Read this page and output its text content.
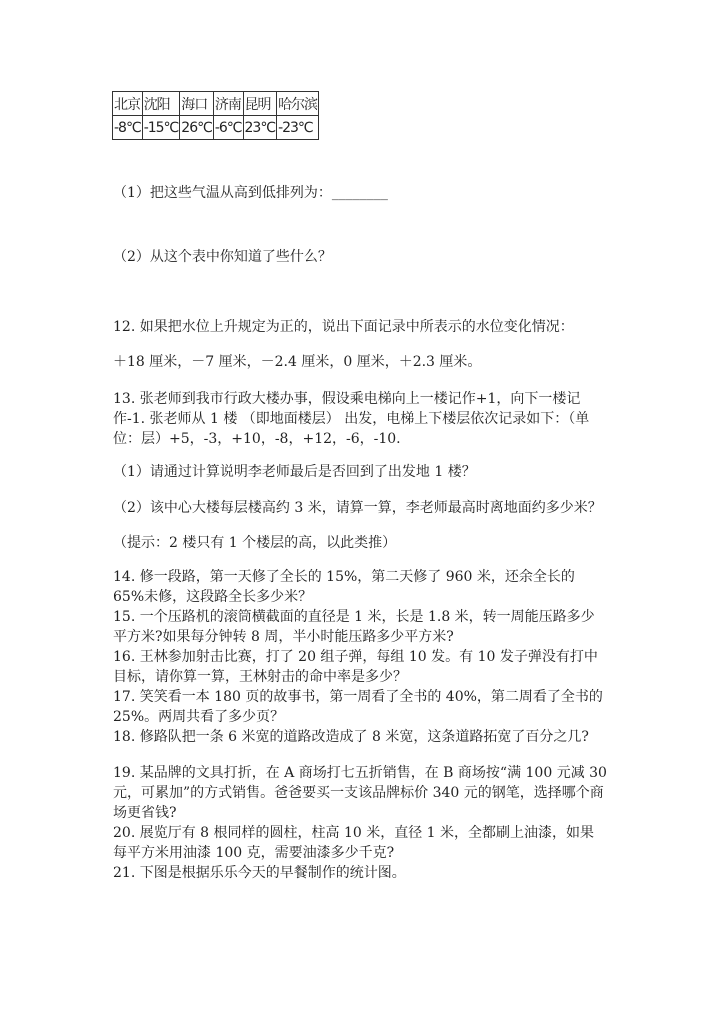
北京	沈阳	海口	济南	昆明	哈尔滨
-8℃	-15℃	26℃	-6℃	23℃	-23℃
（1）把这些气温从高到低排列为：________
（2）从这个表中你知道了些什么？
12. 如果把水位上升规定为正的，说出下面记录中所表示的水位变化情况：
＋18 厘米，－7 厘米，－2.4 厘米，0 厘米，＋2.3 厘米。
13. 张老师到我市行政大楼办事，假设乘电梯向上一楼记作+1，向下一楼记作-1. 张老师从 1 楼 （即地面楼层） 出发，电梯上下楼层依次记录如下：（单位：层）+5，-3，+10，-8，+12，-6，-10.
（1）请通过计算说明李老师最后是否回到了出发地 1 楼？
（2）该中心大楼每层楼高约 3 米，请算一算，李老师最高时离地面约多少米？
（提示：2 楼只有 1 个楼层的高，以此类推）
14. 修一段路，第一天修了全长的 15%，第二天修了 960 米，还余全长的 65%未修，这段路全长多少米？
15. 一个压路机的滚筒横截面的直径是 1 米，长是 1.8 米，转一周能压路多少平方米?如果每分钟转 8 周，半小时能压路多少平方米?
16. 王林参加射击比赛，打了 20 组子弹，每组 10 发。有 10 发子弹没有打中目标，请你算一算，王林射击的命中率是多少？
17. 笑笑看一本 180 页的故事书，第一周看了全书的 40%，第二周看了全书的 25%。两周共看了多少页？
18. 修路队把一条 6 米宽的道路改造成了 8 米宽，这条道路拓宽了百分之几?
19. 某品牌的文具打折，在 A 商场打七五折销售，在 B 商场按“满 100 元减 30 元，可累加”的方式销售。爸爸要买一支该品牌标价 340 元的钢笔，选择哪个商场更省钱?
20. 展览厅有 8 根同样的圆柱，柱高 10 米，直径 1 米，全都刷上油漆，如果每平方米用油漆 100 克，需要油漆多少千克?
21. 下图是根据乐乐今天的早餐制作的统计图。
